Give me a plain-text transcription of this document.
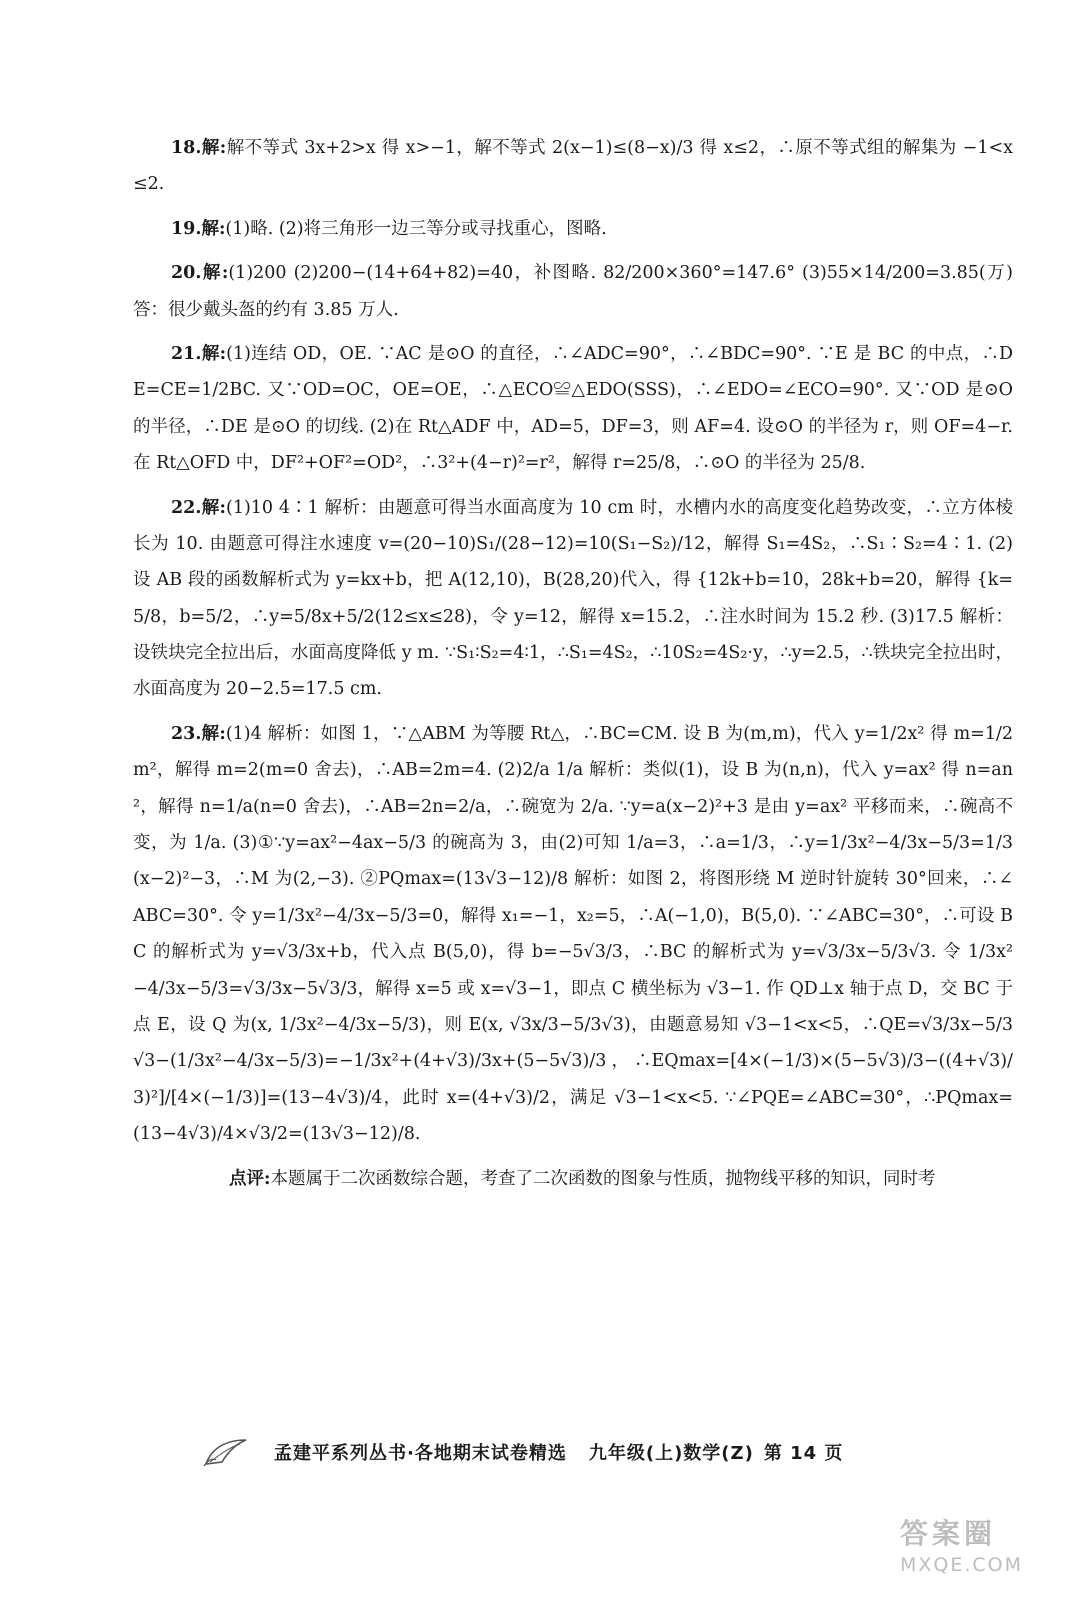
18.解:解不等式 3x+2>x 得 x>−1，解不等式 2(x−1)≤(8−x)/3 得 x≤2，∴原不等式组的解集为 −1<x≤2.

19.解:(1)略. (2)将三角形一边三等分或寻找重心，图略.

20.解:(1)200 (2)200−(14+64+82)=40，补图略. 82/200×360°=147.6° (3)55×14/200=3.85(万) 答：很少戴头盔的约有 3.85 万人.

21.解:(1)连结 OD，OE. ∵AC 是⊙O 的直径，∴∠ADC=90°，∴∠BDC=90°. ∵E 是 BC 的中点，∴DE=CE=1/2BC. 又∵OD=OC，OE=OE，∴△ECO≌△EDO(SSS)，∴∠EDO=∠ECO=90°. 又∵OD 是⊙O 的半径，∴DE 是⊙O 的切线. (2)在 Rt△ADF 中，AD=5，DF=3，则 AF=4. 设⊙O 的半径为 r，则 OF=4−r. 在 Rt△OFD 中，DF²+OF²=OD²，∴3²+(4−r)²=r²，解得 r=25/8，∴⊙O 的半径为 25/8.

22.解:(1)10 4∶1 解析：由题意可得当水面高度为 10 cm 时，水槽内水的高度变化趋势改变，∴立方体棱长为 10. 由题意可得注水速度 v=(20−10)S₁/(28−12)=10(S₁−S₂)/12，解得 S₁=4S₂，∴S₁∶S₂=4∶1. (2)设 AB 段的函数解析式为 y=kx+b，把 A(12,10)，B(28,20)代入，得 {12k+b=10，28k+b=20，解得 {k=5/8，b=5/2，∴y=5/8x+5/2(12≤x≤28)，令 y=12，解得 x=15.2，∴注水时间为 15.2 秒. (3)17.5 解析：设铁块完全拉出后，水面高度降低 y m. ∵S₁∶S₂=4∶1，∴S₁=4S₂，∴10S₂=4S₂·y，∴y=2.5，∴铁块完全拉出时，水面高度为 20−2.5=17.5 cm.

23.解:(1)4 解析：如图 1，∵△ABM 为等腰 Rt△，∴BC=CM. 设 B 为(m,m)，代入 y=1/2x² 得 m=1/2m²，解得 m=2(m=0 舍去)，∴AB=2m=4. (2)2/a 1/a 解析：类似(1)，设 B 为(n,n)，代入 y=ax² 得 n=an²，解得 n=1/a(n=0 舍去)，∴AB=2n=2/a，∴碗宽为 2/a. ∵y=a(x−2)²+3 是由 y=ax² 平移而来，∴碗高不变，为 1/a. (3)①∵y=ax²−4ax−5/3 的碗高为 3，由(2)可知 1/a=3，∴a=1/3，∴y=1/3x²−4/3x−5/3=1/3(x−2)²−3，∴M 为(2,−3). ②PQmax=(13√3−12)/8 解析：如图 2，将图形绕 M 逆时针旋转 30°回来，∴∠ABC=30°. 令 y=1/3x²−4/3x−5/3=0，解得 x₁=−1，x₂=5，∴A(−1,0)，B(5,0). ∵∠ABC=30°，∴可设 BC 的解析式为 y=√3/3x+b，代入点 B(5,0)，得 b=−5√3/3，∴BC 的解析式为 y=√3/3x−5/3√3. 令 1/3x²−4/3x−5/3=√3/3x−5√3/3，解得 x=5 或 x=√3−1，即点 C 横坐标为 √3−1. 作 QD⊥x 轴于点 D，交 BC 于点 E，设 Q 为(x, 1/3x²−4/3x−5/3)，则 E(x, √3x/3−5/3√3)，由题意易知 √3−1<x<5，∴QE=√3/3x−5/3√3−(1/3x²−4/3x−5/3)=−1/3x²+(4+√3)/3x+(5−5√3)/3，∴EQmax=[4×(−1/3)×(5−5√3)/3−((4+√3)/3)²]/[4×(−1/3)]=(13−4√3)/4，此时 x=(4+√3)/2，满足 √3−1<x<5. ∵∠PQE=∠ABC=30°，∴PQmax=(13−4√3)/4×√3/2=(13√3−12)/8.

点评:本题属于二次函数综合题，考查了二次函数的图象与性质，抛物线平移的知识，同时考

孟建平系列丛书·各地期末试卷精选 九年级(上)数学(Z) 第 14 页
答案圈
MXQE.COM
